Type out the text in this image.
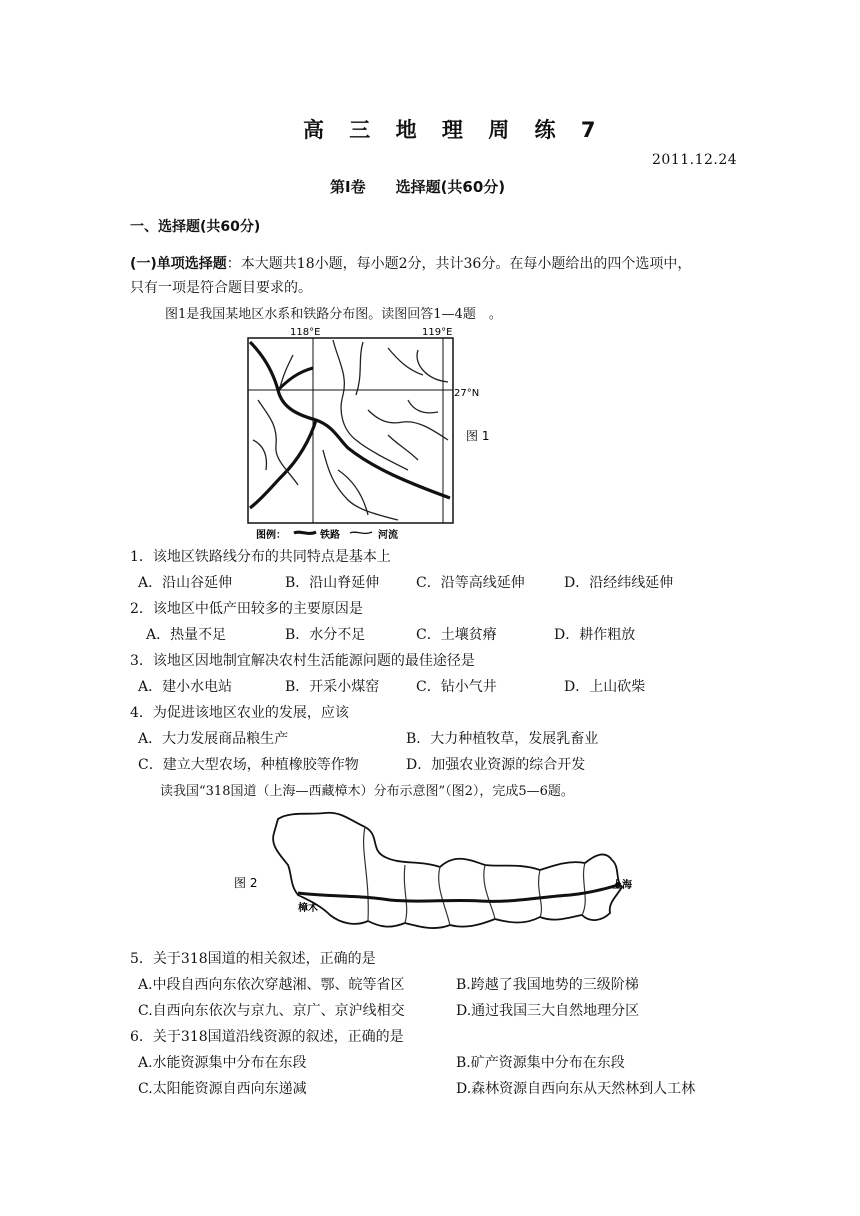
高 三 地 理 周 练 7
2011.12.24
第Ⅰ卷　　选择题(共60分)
一、选择题(共60分)
(一)单项选择题：本大题共18小题，每小题2分，共计36分。在每小题给出的四个选项中，
只有一项是符合题目要求的。
图1是我国某地区水系和铁路分布图。读图回答1—4题　。
118°E	119°E
27°N
图 1
图例：	铁路	河流
1．该地区铁路线分布的共同特点是基本上
A．沿山谷延伸	B．沿山脊延伸	C．沿等高线延伸	D．沿经纬线延伸
2．该地区中低产田较多的主要原因是
A．热量不足	B．水分不足	C．土壤贫瘠	D．耕作粗放
3．该地区因地制宜解决农村生活能源问题的最佳途径是
A．建小水电站	B．开采小煤窑	C．钻小气井	D．上山砍柴
4．为促进该地区农业的发展，应该
A．大力发展商品粮生产	B．大力种植牧草，发展乳畜业
C．建立大型农场，种植橡胶等作物	D．加强农业资源的综合开发
读我国“318国道（上海—西藏樟木）分布示意图”（图2），完成5—6题。
图 2	上海
樟木
5．关于318国道的相关叙述，正确的是
A.中段自西向东依次穿越湘、鄂、皖等省区	B.跨越了我国地势的三级阶梯
C.自西向东依次与京九、京广、京沪线相交	D.通过我国三大自然地理分区
6．关于318国道沿线资源的叙述，正确的是
A.水能资源集中分布在东段	B.矿产资源集中分布在东段
C.太阳能资源自西向东递减	D.森林资源自西向东从天然林到人工林
